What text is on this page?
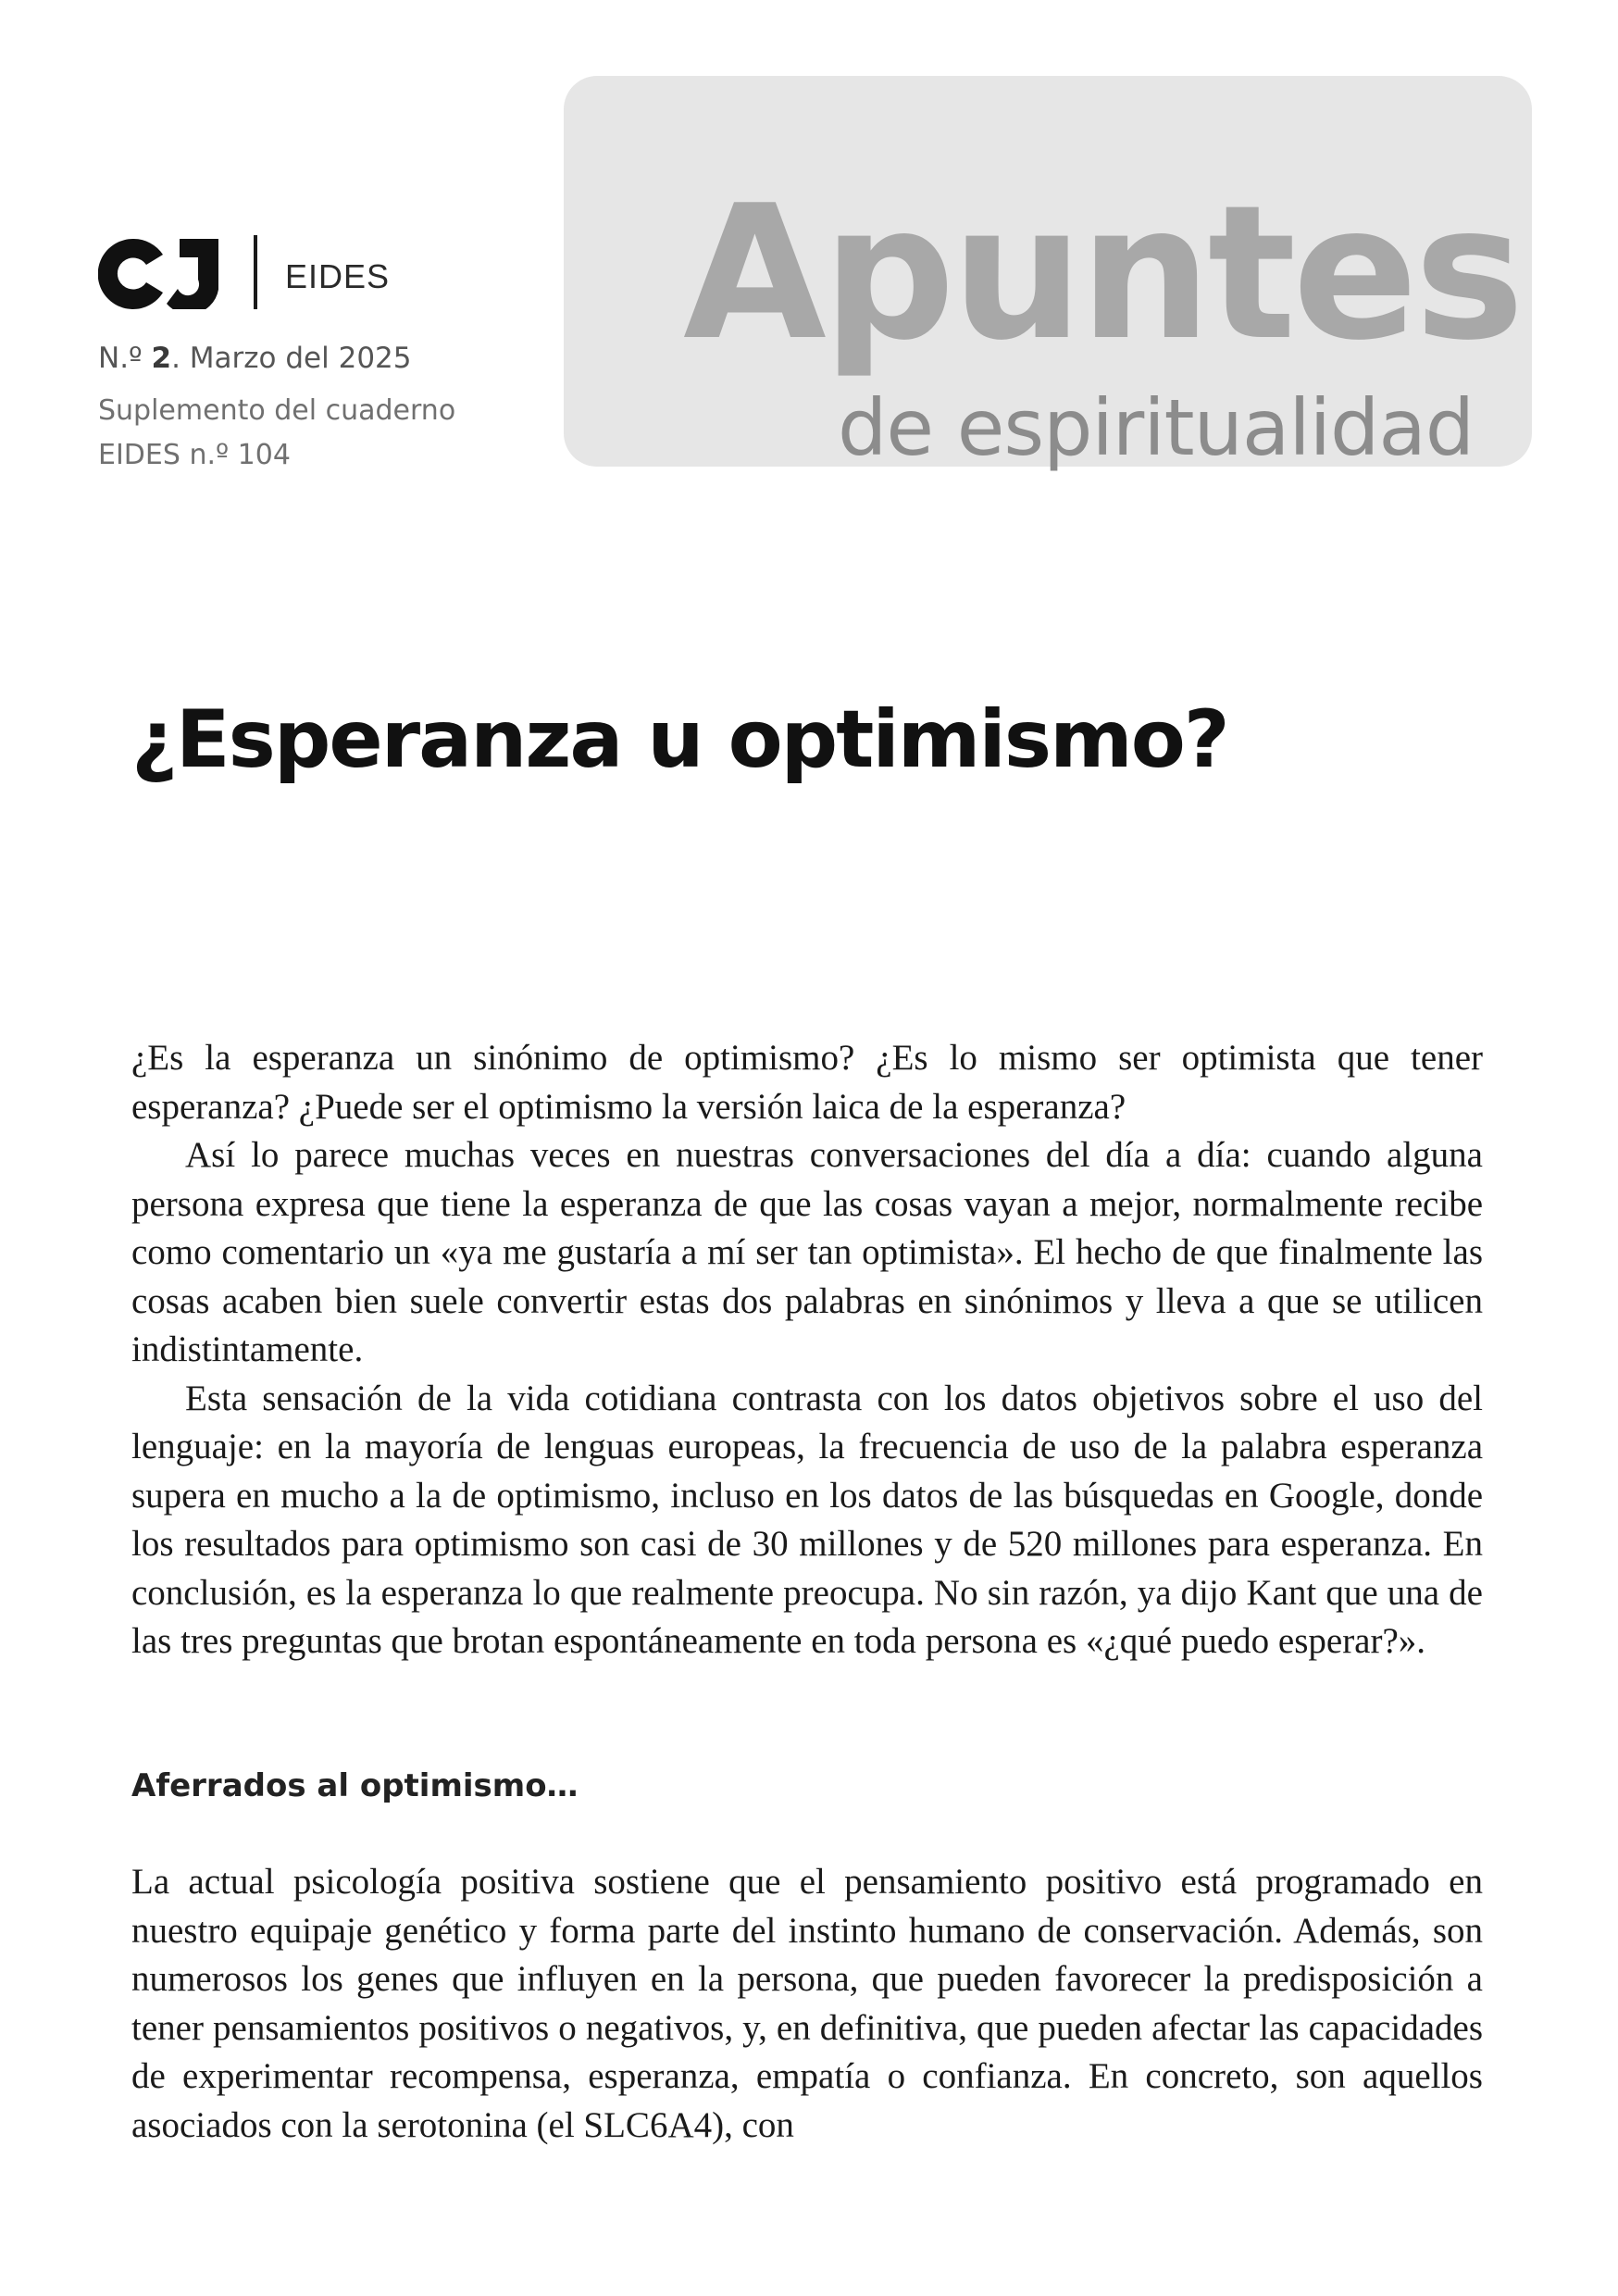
Apuntes
de espiritualidad
EIDES
N.º 2. Marzo del 2025
Suplemento del cuaderno
EIDES n.º 104
¿Esperanza u optimismo?

¿Es la esperanza un sinónimo de optimismo? ¿Es lo mismo ser optimista que tener esperanza? ¿Puede ser el optimismo la versión laica de la esperanza?

Así lo parece muchas veces en nuestras conversaciones del día a día: cuando alguna persona expresa que tiene la esperanza de que las cosas vayan a mejor, normalmente recibe como comentario un «ya me gustaría a mí ser tan optimista». El hecho de que finalmente las cosas acaben bien suele convertir estas dos palabras en sinónimos y lleva a que se utilicen indistintamente.

Esta sensación de la vida cotidiana contrasta con los datos objetivos sobre el uso del lenguaje: en la mayoría de lenguas europeas, la frecuencia de uso de la palabra esperanza supera en mucho a la de optimismo, incluso en los datos de las búsquedas en Google, donde los resultados para optimismo son casi de 30 millones y de 520 millones para esperanza. En conclusión, es la esperanza lo que realmente preocupa. No sin razón, ya dijo Kant que una de las tres preguntas que brotan espontáneamente en toda persona es «¿qué puedo esperar?».

Aferrados al optimismo…

La actual psicología positiva sostiene que el pensamiento positivo está programado en nuestro equipaje genético y forma parte del instinto humano de conservación. Además, son numerosos los genes que influyen en la persona, que pueden favorecer la predisposición a tener pensamientos positivos o negativos, y, en definitiva, que pueden afectar las capacidades de experimentar recompensa, esperanza, empatía o confianza. En concreto, son aquellos asociados con la serotonina (el SLC6A4), con
